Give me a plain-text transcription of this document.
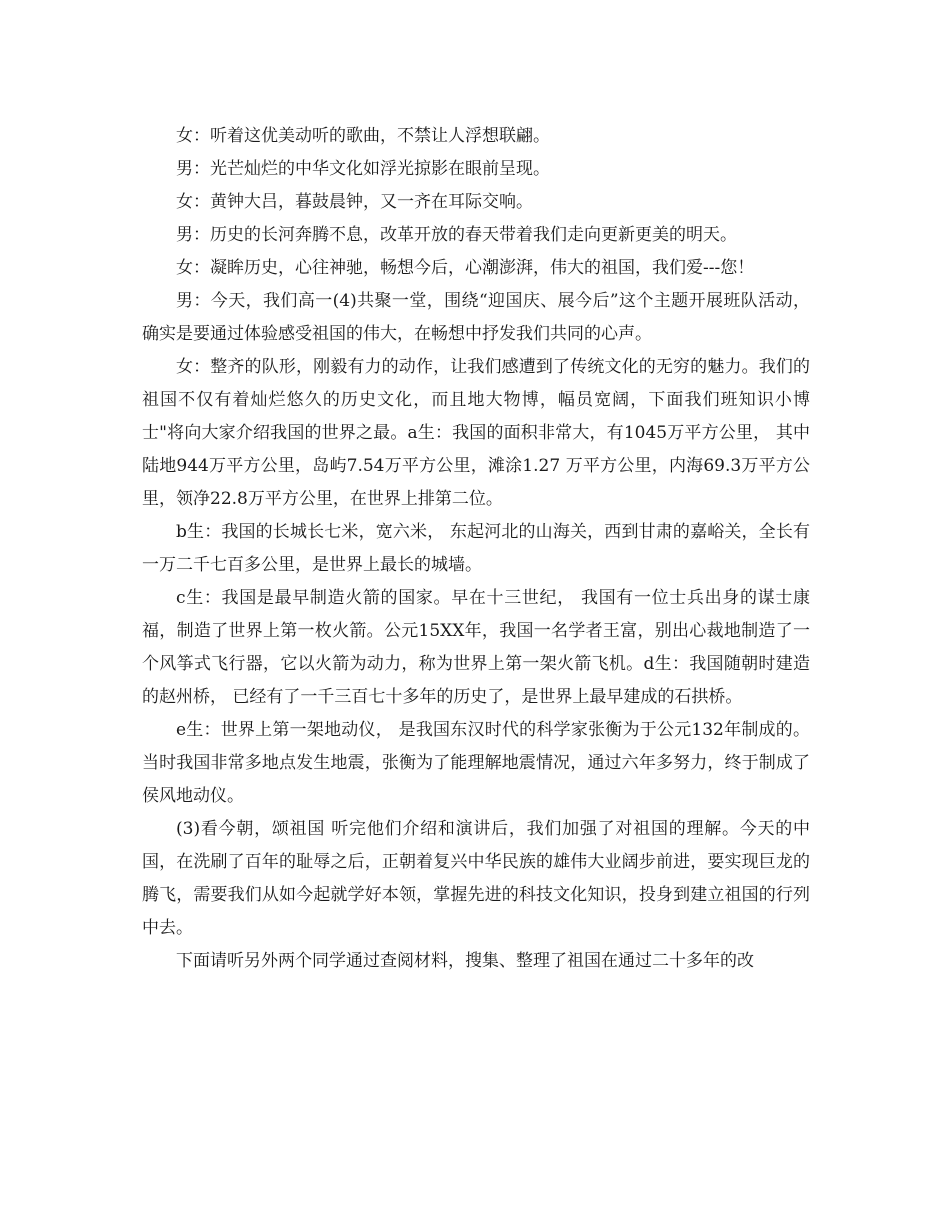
女：听着这优美动听的歌曲，不禁让人浮想联翩。

男：光芒灿烂的中华文化如浮光掠影在眼前呈现。

女：黄钟大吕，暮鼓晨钟，又一齐在耳际交响。

男：历史的长河奔腾不息，改革开放的春天带着我们走向更新更美的明天。

女：凝眸历史，心往神驰，畅想今后，心潮澎湃，伟大的祖国，我们爱---您！

男：今天，我们高一(4)共聚一堂，围绕“迎国庆、展今后”这个主题开展班队活动，确实是要通过体验感受祖国的伟大，在畅想中抒发我们共同的心声。

女：整齐的队形，刚毅有力的动作，让我们感遭到了传统文化的无穷的魅力。我们的祖国不仅有着灿烂悠久的历史文化，而且地大物博，幅员宽阔，下面我们班知识小博士"将向大家介绍我国的世界之最。a生：我国的面积非常大，有1045万平方公里， 其中陆地944万平方公里，岛屿7.54万平方公里，滩涂1.27 万平方公里，内海69.3万平方公里，领净22.8万平方公里，在世界上排第二位。

b生：我国的长城长七米，宽六米， 东起河北的山海关，西到甘肃的嘉峪关，全长有一万二千七百多公里，是世界上最长的城墙。

c生：我国是最早制造火箭的国家。早在十三世纪， 我国有一位士兵出身的谋士康福，制造了世界上第一枚火箭。公元15XX年，我国一名学者王富，别出心裁地制造了一个风筝式飞行器，它以火箭为动力，称为世界上第一架火箭飞机。d生：我国随朝时建造的赵州桥， 已经有了一千三百七十多年的历史了，是世界上最早建成的石拱桥。

e生：世界上第一架地动仪， 是我国东汉时代的科学家张衡为于公元132年制成的。 当时我国非常多地点发生地震，张衡为了能理解地震情况，通过六年多努力，终于制成了侯风地动仪。

(3)看今朝，颂祖国 听完他们介绍和演讲后，我们加强了对祖国的理解。今天的中国，在洗刷了百年的耻辱之后，正朝着复兴中华民族的雄伟大业阔步前进，要实现巨龙的腾飞，需要我们从如今起就学好本领，掌握先进的科技文化知识，投身到建立祖国的行列中去。

下面请听另外两个同学通过查阅材料，搜集、整理了祖国在通过二十多年的改
